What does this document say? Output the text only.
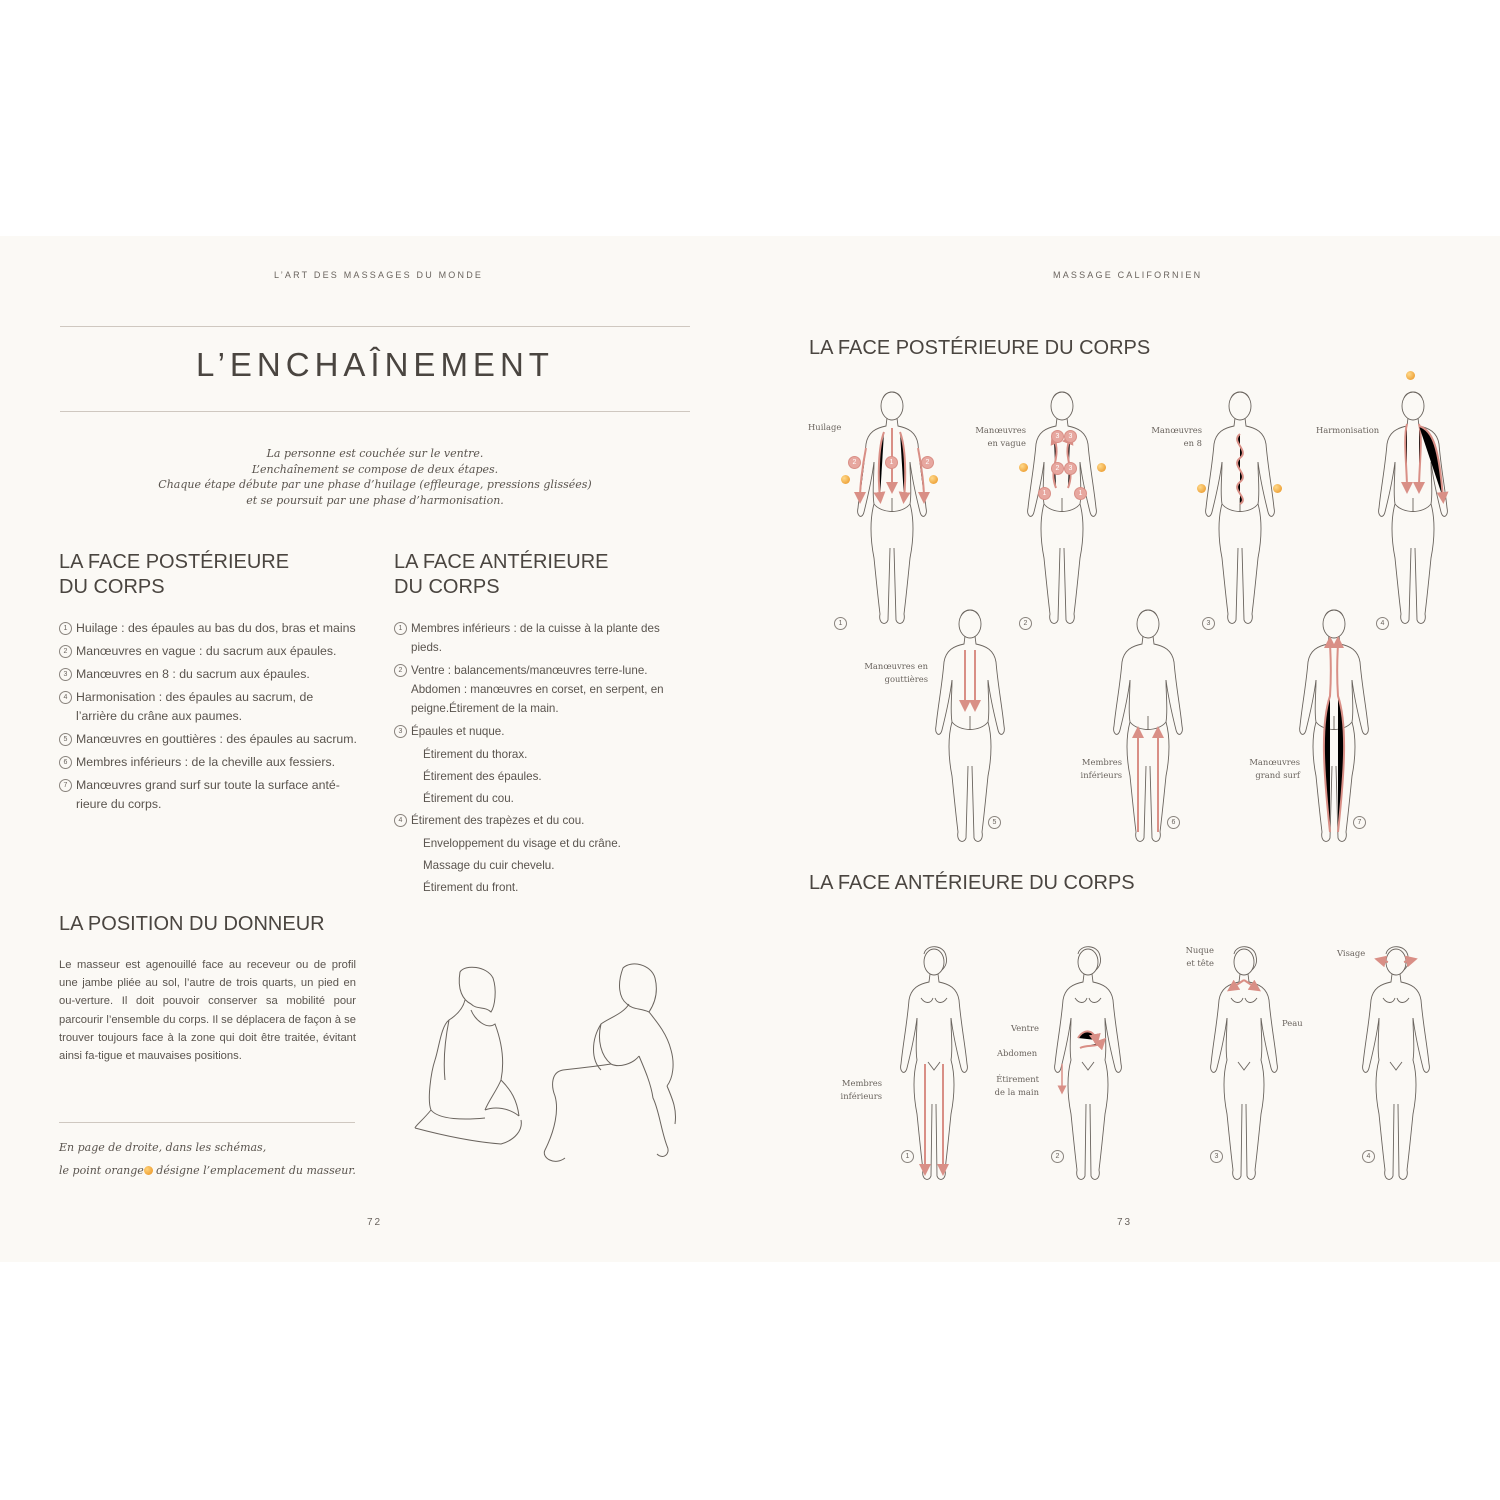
L’ART DES MASSAGES DU MONDE
L’ENCHAÎNEMENT
La personne est couchée sur le ventre.
L’enchaînement se compose de deux étapes.
Chaque étape débute par une phase d’huilage (effleurage, pressions glissées)
et se poursuit par une phase d’harmonisation.
LA FACE POSTÉRIEURE
DU CORPS
1 Huilage : des épaules au bas du dos, bras et mains
2 Manœuvres en vague : du sacrum aux épaules.
3 Manœuvres en 8 : du sacrum aux épaules.
4 Harmonisation : des épaules au sacrum, de l’arrière du crâne aux paumes.
5 Manœuvres en gouttières : des épaules au sacrum.
6 Membres inférieurs : de la cheville aux fessiers.
7 Manœuvres grand surf sur toute la surface anté-rieure du corps.
LA FACE ANTÉRIEURE
DU CORPS
1 Membres inférieurs : de la cuisse à la plante des pieds.
2 Ventre : balancements/manœuvres terre-lune.
Abdomen : manœuvres en corset, en serpent, en peigne.Étirement de la main.
3 Épaules et nuque.
Étirement du thorax.
Étirement des épaules.
Étirement du cou.
4 Étirement des trapèzes et du cou.
Enveloppement du visage et du crâne.
Massage du cuir chevelu.
Étirement du front.
LA POSITION DU DONNEUR
Le masseur est agenouillé face au receveur ou de profil une jambe pliée au sol, l’autre de trois quarts, un pied en ou-verture. Il doit pouvoir conserver sa mobilité pour parcourir l’ensemble du corps. Il se déplacera de façon à se trouver toujours face à la zone qui doit être traitée, évitant ainsi fa-tigue et mauvaises positions.
En page de droite, dans les schémas,
le point orange désigne l’emplacement du masseur.
72
MASSAGE CALIFORNIEN
LA FACE POSTÉRIEURE DU CORPS
LA FACE ANTÉRIEURE DU CORPS
Huilage	Manœuvres
en vague
Manœuvres
en 8
Harmonisation
Manœuvres en
gouttières
Membres
inférieurs
Manœuvres
grand surf
Membres
inférieurs
Ventre
Abdomen
Étirement
de la main
Nuque
et tête
Peau
Visage
2	1	2
3	3
2	3
1	1
1	2	3	4
5	6	7
1	2	3	4
73
